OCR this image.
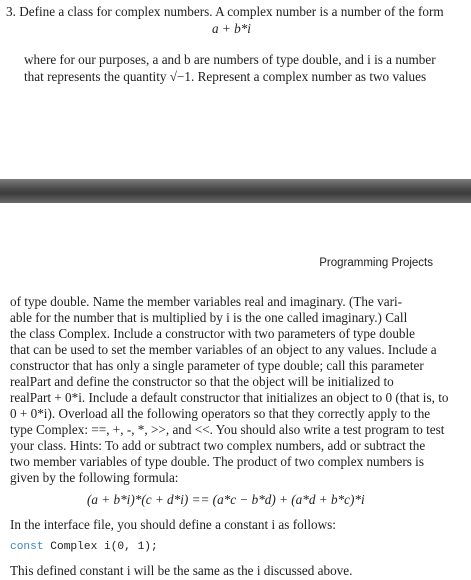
3. Define a class for complex numbers. A complex number is a number of the form
a + b*i
where for our purposes, a and b are numbers of type double, and i is a number
that represents the quantity √−1. Represent a complex number as two values
Programming Projects
of type double. Name the member variables real and imaginary. (The vari-
able for the number that is multiplied by i is the one called imaginary.) Call
the class Complex. Include a constructor with two parameters of type double
that can be used to set the member variables of an object to any values. Include a
constructor that has only a single parameter of type double; call this parameter
realPart and define the constructor so that the object will be initialized to
realPart + 0*i. Include a default constructor that initializes an object to 0 (that is, to
0 + 0*i). Overload all the following operators so that they correctly apply to the
type Complex: ==, +, -, *, >>, and <<. You should also write a test program to test
your class. Hints: To add or subtract two complex numbers, add or subtract the
two member variables of type double. The product of two complex numbers is
given by the following formula:
(a + b*i)*(c + d*i) == (a*c − b*d) + (a*d + b*c)*i
In the interface file, you should define a constant i as follows:
const Complex i(0, 1);
This defined constant i will be the same as the i discussed above.
